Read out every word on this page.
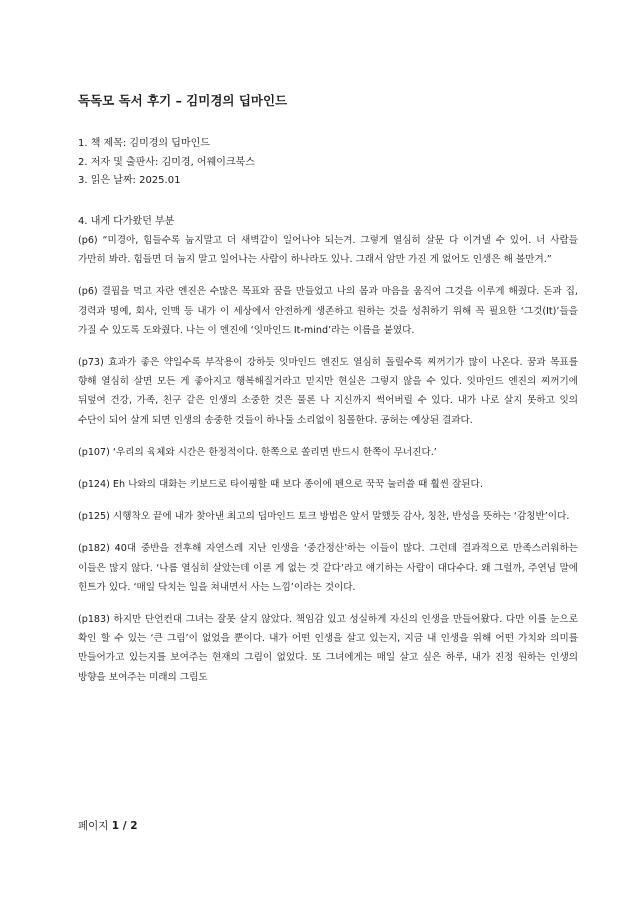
독독모 독서 후기 – 김미경의 딥마인드
1. 책 제목: 김미경의 딥마인드
2. 저자 및 출판사: 김미경, 어웨이크북스
3. 읽은 날짜: 2025.01
4. 내게 다가왔던 부분
(p6) “미경아, 힘들수록 눕지말고 더 새벽같이 일어나야 되는겨. 그렇게 열심히 살문 다 이겨낼 수 있어. 너 사람들 가만히 봐라. 힘들면 더 눕지 말고 일어나는 사람이 하나라도 있나. 그래서 암만 가진 게 없어도 인생은 해 볼만겨.”
(p6) 결핍을 먹고 자란 엔진은 수많은 목표와 꿈을 만들었고 나의 몸과 마음을 움직여 그것을 이루게 해줬다. 돈과 집, 경력과 명예, 회사, 인맥 등 내가 이 세상에서 안전하게 생존하고 원하는 것을 성취하기 위해 꼭 필요한 ‘그것(It)’들을 가질 수 있도록 도와줬다. 나는 이 엔진에 ‘잇마인드 It-mind’라는 이름을 붙였다.
(p73) 효과가 좋은 약일수록 부작용이 강하듯 잇마인드 엔진도 열심히 돌릴수록 찌꺼기가 많이 나온다. 꿈과 목표를 향해 열심히 살면 모든 게 좋아지고 행복해질거라고 믿지만 현실은 그렇지 않을 수 있다. 잇마인드 엔진의 찌꺼기에 뒤덮여 건강, 가족, 친구 같은 인생의 소중한 것은 물론 나 지신까지 썩어버릴 수 있다. 내가 나로 살지 못하고 잇의 수단이 되어 살게 되면 인생의 송중한 것들이 하나둘 소리없이 침몰한다. 공허는 예상된 결과다.
(p107) ‘우리의 육체와 시간은 한정적이다. 한쪽으로 쏠리면 반드시 한쪽이 무너진다.’
(p124) Eh 나와의 대화는 키보드로 타이핑할 때 보다 종이에 펜으로 꾹꾹 눌러쓸 때 훨씬 잘된다.
(p125) 시행착오 끝에 내가 찾아낸 최고의 딥마인드 토크 방법은 앞서 말했듯 감사, 칭찬, 반성을 뜻하는 ‘감칭반’이다.
(p182) 40대 중반을 전후해 자연스레 지난 인생을 ‘중간정산’하는 이들이 많다. 그런데 결과적으로 만족스러워하는 이들은 많지 않다. ‘나름 열심히 살았는데 이룬 게 없는 것 같다’라고 얘기하는 사람이 대다수다. 왜 그럴까, 주연님 말에 힌트가 있다. ‘매일 닥치는 일을 쳐내면서 사는 느낌’이라는 것이다.
(p183) 하지만 단언컨대 그녀는 잘못 살지 않았다. 책임감 있고 성실하게 자신의 인생을 만들어왔다. 다만 이를 눈으로 확인 할 수 있는 ‘큰 그림’이 없었을 뿐이다. 내가 어떤 인생을 살고 있는지, 지금 내 인생을 위해 어떤 가치와 의미를 만들어가고 있는지를 보여주는 현재의 그림이 없었다. 또 그녀에게는 매일 살고 싶은 하루, 내가 진정 원하는 인생의 방향을 보여주는 미래의 그림도
페이지 1 / 2
